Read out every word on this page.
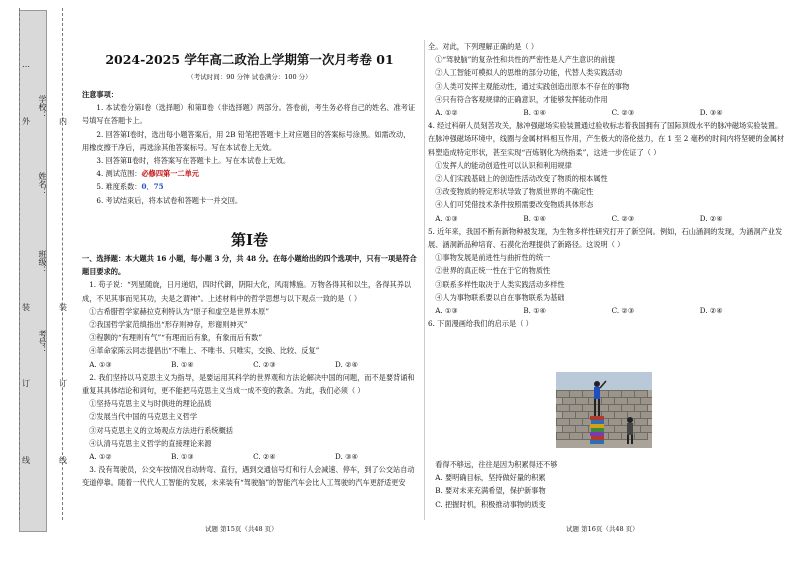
…
外
装
订
线
内
装
订
线
学校：
姓名：
班级：
考号：
2024-2025 学年高二政治上学期第一次月考卷 01
（考试时间：90 分钟 试卷满分：100 分）

注意事项：

1. 本试卷分第Ⅰ卷（选择题）和第Ⅱ卷（非选择题）两部分。答卷前，考生务必将自己的姓名、准考证号填写在答题卡上。

2. 回答第Ⅰ卷时，选出每小题答案后，用 2B 铅笔把答题卡上对应题目的答案标号涂黑。如需改动，用橡皮擦干净后，再选涂其他答案标号。写在本试卷上无效。

3. 回答第Ⅱ卷时，将答案写在答题卡上。写在本试卷上无效。

4. 测试范围：必修四第一二单元

5. 难度系数：0．75

6. 考试结束后，将本试卷和答题卡一并交回。

第Ⅰ卷

一、选择题：本大题共 16 小题，每小题 3 分，共 48 分。在每小题给出的四个选项中，只有一项是符合题目要求的。

1. 苟子说：“列星随旋，日月递炤，四时代御，阴阳大化，风雨博施。万物各得其和以生，各得其养以成，不见其事而见其功，夫是之谓神”。上述材料中的哲学思想与以下观点一致的是（ ）

①古希腊哲学家赫拉克利特认为“原子和虚空是世界本原”

②我国哲学家范缜指出“形存则神存，形谢则神灭”

③程颢的“有理则有气”“有理而后有象，有象而后有数”

④革命家陈云同志提倡出“不唯上、不唯书、只唯实，交换、比较、反复”

A. ①③	B. ①④	C. ②③	D. ②④

2. 我们坚持以马克思主义为指导，是要运用其科学的世界观和方法论解决中国的问题，而不是要背诵和重复其具体结论和词句，更不能把马克思主义当成一成不变的教条。为此，我们必须（ ）

①坚持马克思主义与时俱进的理论品质

②发展当代中国的马克思主义哲学

③对马克思主义的立场观点方法进行系统概括

④认清马克思主义哲学的直接理论来源

A. ①②	B. ①③	C. ②④	D. ③④

3. 没有驾驶员，公交车按情况自动转弯、直行，遇到交通信号灯和行人会减速、停车，到了公交站自动变道停靠。随着一代代人工智能的发展，未来装有“驾驶脑”的智能汽车会比人工驾驶的汽车更舒适更安

全。对此，下列理解正确的是（ ）

①“驾驶脑”的复杂性和共性的严密性是人产生意识的前提

②人工智能可模拟人的思维的部分功能，代替人类实践活动

③人类可发挥主观能动性，通过实践创造出原本不存在的事物

④只有符合客观规律的正确意识，才能够发挥能动作用

A. ①②	B. ①④	C. ②③	D. ③④

4. 经过科研人员刻苦攻关，脉冲强磁场实验装置通过验收标志着我国拥有了国际顶级水平的脉冲磁场实验装置。在脉冲强磁场环境中，线圈与金属材料相互作用，产生极大的洛伦兹力，在 1 至 2 毫秒的时间内将坚硬的金属材料塑造成特定形状，甚至实现“百炼钢化为绕指柔”，这进一步佐证了（ ）

①发挥人的能动创造性可以认识和利用规律

②人们实践基础上的创造性活动改变了物质的根本属性

③改变物质的特定形状导致了物质世界的不确定性

④人们可凭借技术条件按照需要改变物质具体形态

A. ①③	B. ①④	C. ②③	D. ②④

5. 近年来，我国不断有新物种被发现，为生物多样性研究打开了新空间。例如，石山涵洞的发现，为涵洞产业发展、涵洞新品种培育、石漠化治理提供了新路径。这说明（ ）

①事物发展是前进性与曲折性的统一

②世界的真正统一性在于它的物质性

③联系多样性取决于人类实践活动多样性

④人为事物联系要以自在事物联系为基础

A. ①③	B. ①④	C. ②③	D. ②④

6. 下面漫画给我们的启示是（ ）

看得不够远，往往是因为积累得还不够

A. 要明确目标，坚持做好量的积累

B. 要对未来充满希望，保护新事物

C. 把握时机，积极推动事物的质变

试题 第15页（共48 页）	试题 第16页（共48 页）
